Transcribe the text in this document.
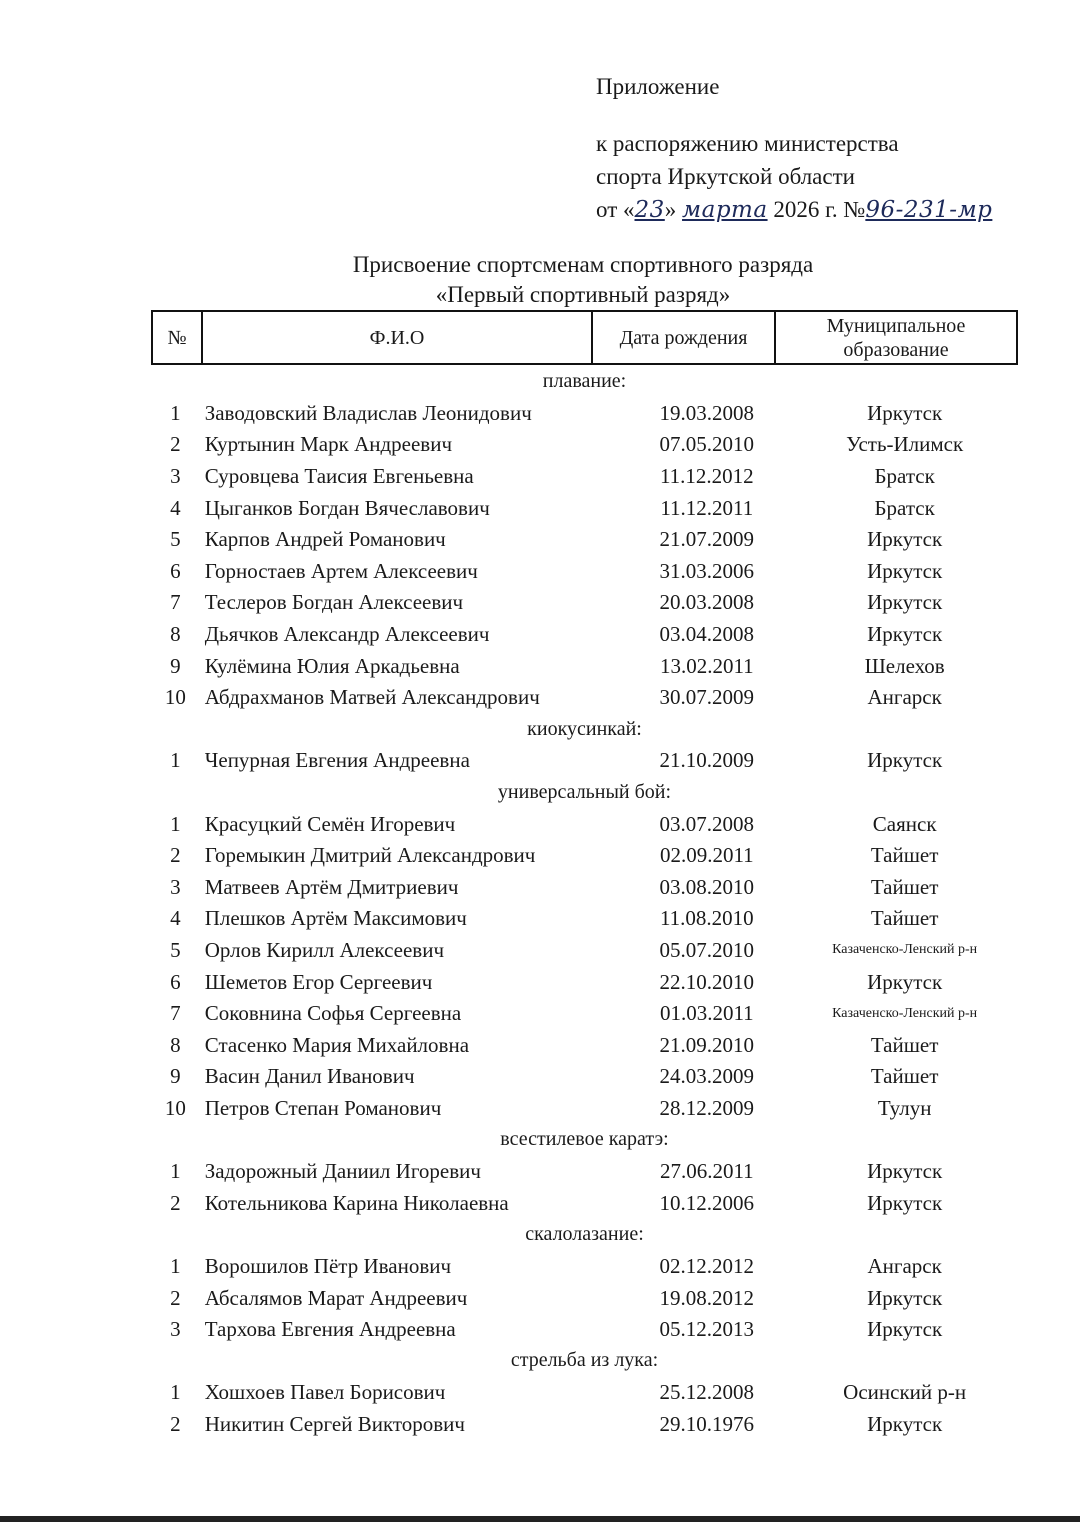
Приложение
к распоряжению министерства
спорта Иркутской области
от «23» марта 2026 г. №96-231-мр
Присвоение спортсменам спортивного разряда
«Первый спортивный разряд»
№	Ф.И.О	Дата рождения	Муниципальное образование
плавание:
1	Заводовский Владислав Леонидович	19.03.2008	Иркутск
2	Куртынин Марк Андреевич	07.05.2010	Усть-Илимск
3	Суровцева Таисия Евгеньевна	11.12.2012	Братск
4	Цыганков Богдан Вячеславович	11.12.2011	Братск
5	Карпов Андрей Романович	21.07.2009	Иркутск
6	Горностаев Артем Алексеевич	31.03.2006	Иркутск
7	Теслеров Богдан Алексеевич	20.03.2008	Иркутск
8	Дьячков Александр Алексеевич	03.04.2008	Иркутск
9	Кулёмина Юлия Аркадьевна	13.02.2011	Шелехов
10 Абдрахманов Матвей Александрович	30.07.2009	Ангарск
киокусинкай:
1	Чепурная Евгения Андреевна	21.10.2009	Иркутск
универсальный бой:
1	Красуцкий Семён Игоревич	03.07.2008	Саянск
2	Горемыкин Дмитрий Александрович	02.09.2011	Тайшет
3	Матвеев Артём Дмитриевич	03.08.2010	Тайшет
4	Плешков Артём Максимович	11.08.2010	Тайшет
5	Орлов Кирилл Алексеевич	05.07.2010	Казаченско-Ленский р-н
6	Шеметов Егор Сергеевич	22.10.2010	Иркутск
7	Соковнина Софья Сергеевна	01.03.2011	Казаченско-Ленский р-н
8	Стасенко Мария Михайловна	21.09.2010	Тайшет
9	Васин Данил Иванович	24.03.2009	Тайшет
10 Петров Степан Романович	28.12.2009	Тулун
всестилевое каратэ:
1	Задорожный Даниил Игоревич	27.06.2011	Иркутск
2	Котельникова Карина Николаевна	10.12.2006	Иркутск
скалолазание:
1	Ворошилов Пётр Иванович	02.12.2012	Ангарск
2	Абсалямов Марат Андреевич	19.08.2012	Иркутск
3	Тархова Евгения Андреевна	05.12.2013	Иркутск
стрельба из лука:
1	Хошхоев Павел Борисович	25.12.2008	Осинский р-н
2	Никитин Сергей Викторович	29.10.1976	Иркутск
